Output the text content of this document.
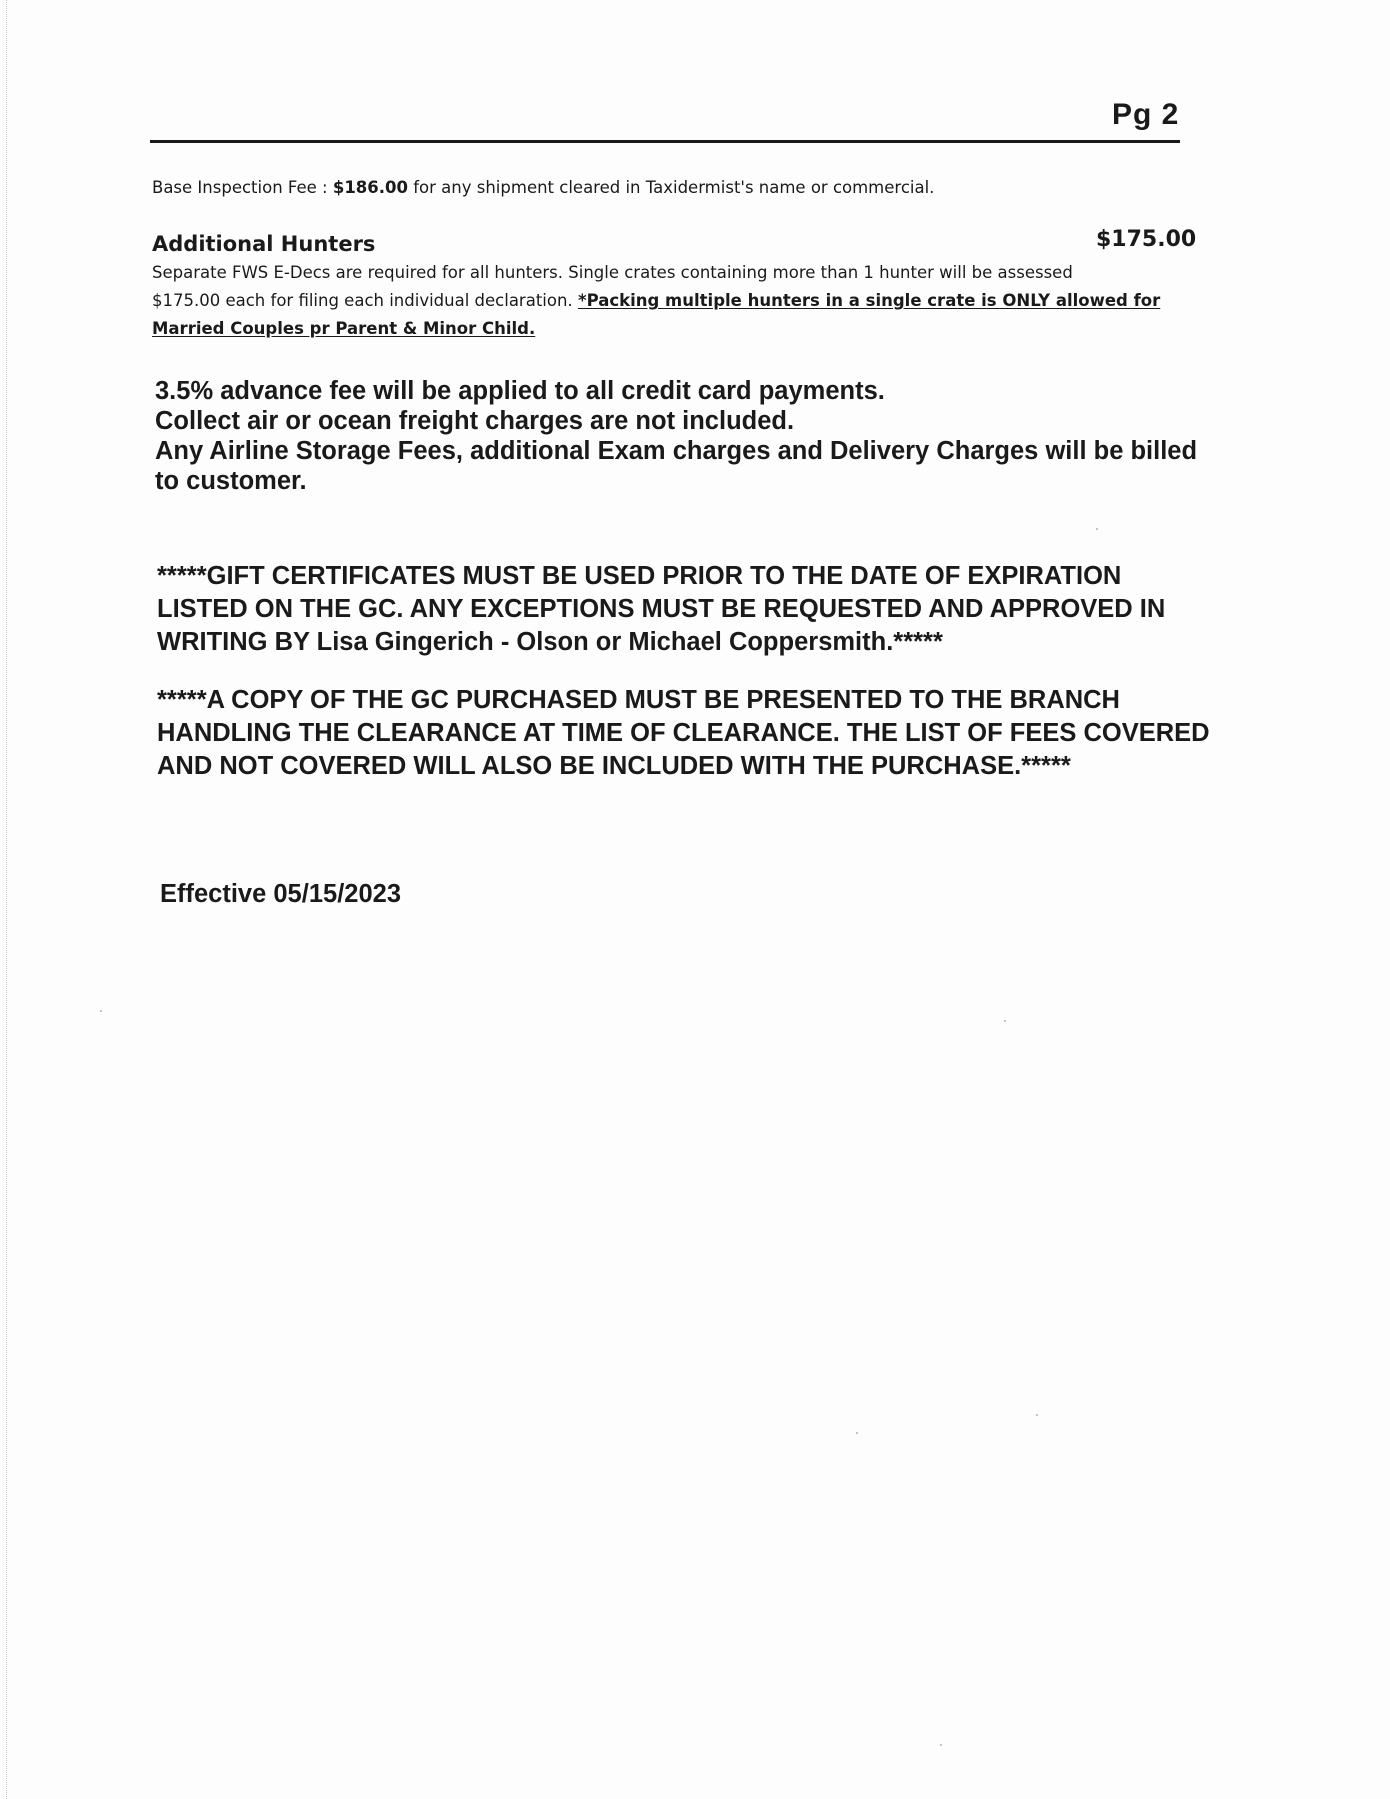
Pg 2
Base Inspection Fee : $186.00 for any shipment cleared in Taxidermist's name or commercial.
Additional Hunters	$175.00
Separate FWS E-Decs are required for all hunters. Single crates containing more than 1 hunter will be assessed
$175.00 each for filing each individual declaration. *Packing multiple hunters in a single crate is ONLY allowed for
Married Couples pr Parent & Minor Child.
3.5% advance fee will be applied to all credit card payments.
Collect air or ocean freight charges are not included.
Any Airline Storage Fees, additional Exam charges and Delivery Charges will be billed to customer.
*****GIFT CERTIFICATES MUST BE USED PRIOR TO THE DATE OF EXPIRATION LISTED ON THE GC. ANY EXCEPTIONS MUST BE REQUESTED AND APPROVED IN WRITING BY Lisa Gingerich - Olson or Michael Coppersmith.*****
*****A COPY OF THE GC PURCHASED MUST BE PRESENTED TO THE BRANCH HANDLING THE CLEARANCE AT TIME OF CLEARANCE. THE LIST OF FEES COVERED AND NOT COVERED WILL ALSO BE INCLUDED WITH THE PURCHASE.*****
Effective 05/15/2023
